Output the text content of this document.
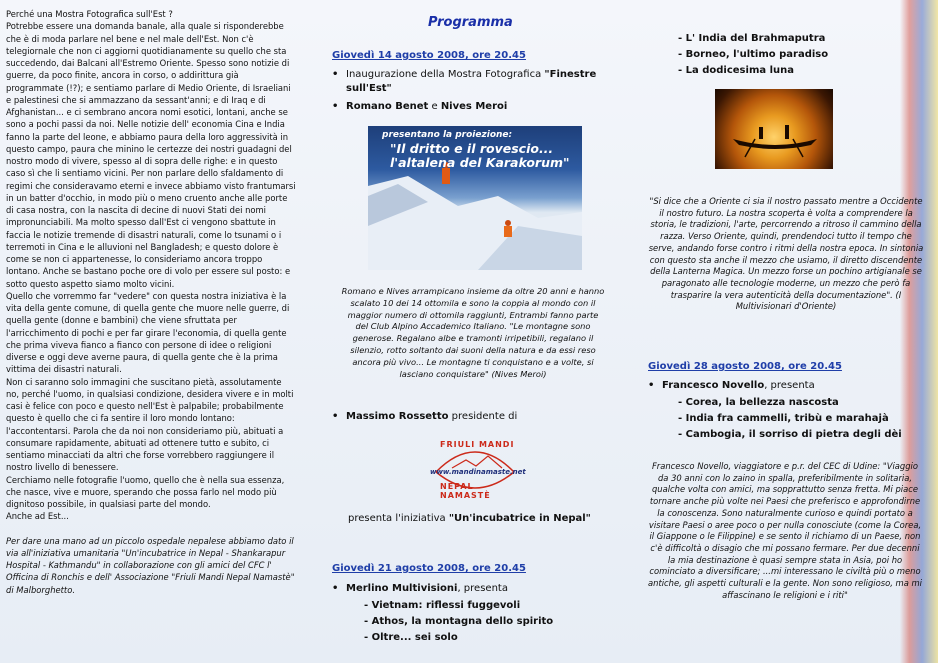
Perché una Mostra Fotografica sull'Est ?

Potrebbe essere una domanda banale, alla quale si risponderebbe che è di moda parlare nel bene e nel male dell'Est. Non c'è telegiornale che non ci aggiorni quotidianamente su quello che sta succedendo, dai Balcani all'Estremo Oriente. Spesso sono notizie di guerre, da poco finite, ancora in corso, o addirittura già programmate (!?); e sentiamo parlare di Medio Oriente, di Israeliani e palestinesi che si ammazzano da sessant'anni; e di Iraq e di Afghanistan... e ci sembrano ancora nomi esotici, lontani, anche se sono a pochi passi da noi. Nelle notizie dell' economia Cina e India fanno la parte del leone, e abbiamo paura della loro aggressività in questo campo, paura che minino le certezze dei nostri guadagni del nostro modo di vivere, spesso al di sopra delle righe: e in questo caso sì che li sentiamo vicini. Per non parlare dello sfaldamento di regimi che consideravamo eterni e invece abbiamo visto frantumarsi in un batter d'occhio, in modo più o meno cruento anche alle porte di casa nostra, con la nascita di decine di nuovi Stati dei nomi impronunciabili. Ma molto spesso dall'Est ci vengono sbattute in faccia le notizie tremende di disastri naturali, come lo tsunami o i terremoti in Cina e le alluvioni nel Bangladesh; e questo dolore è come se non ci appartenesse, lo consideriamo ancora troppo lontano. Anche se bastano poche ore di volo per essere sul posto: e sotto questo aspetto siamo molto vicini.

Quello che vorremmo far "vedere" con questa nostra iniziativa è la vita della gente comune, di quella gente che muore nelle guerre, di quella gente (donne e bambini) che viene sfruttata per l'arricchimento di pochi e per far girare l'economia, di quella gente che prima viveva fianco a fianco con persone di idee o religioni diverse e oggi deve averne paura, di quella gente che è la prima vittima dei disastri naturali.

Non ci saranno solo immagini che suscitano pietà, assolutamente no, perché l'uomo, in qualsiasi condizione, desidera vivere e in molti casi è felice con poco e questo nell'Est è palpabile; probabilmente questo è quello che ci fa sentire il loro mondo lontano: l'accontentarsi. Parola che da noi non consideriamo più, abituati a consumare rapidamente, abituati ad ottenere tutto e subito, ci sentiamo minacciati da altri che forse vorrebbero raggiungere il nostro livello di benessere.

Cerchiamo nelle fotografie l'uomo, quello che è nella sua essenza, che nasce, vive e muore, sperando che possa farlo nel modo più dignitoso possibile, in qualsiasi parte del mondo.

Anche ad Est...

Per dare una mano ad un piccolo ospedale nepalese abbiamo dato il via all'iniziativa umanitaria "Un'incubatrice in Nepal - Shankarapur Hospital - Kathmandu" in collaborazione con gli amici del CFC l' Officina di Ronchis e dell' Associazione "Friuli Mandi Nepal Namastè" di Malborghetto.

Programma
Giovedì 14 agosto 2008, ore 20.45
• Inaugurazione della Mostra Fotografica "Finestre sull'Est"
• Romano Benet e Nives Meroi
presentano la proiezione:
"Il dritto e il rovescio... l'altalena del Karakorum"
Romano e Nives arrampicano insieme da oltre 20 anni e hanno scalato 10 dei 14 ottomila e sono la coppia al mondo con il maggior numero di ottomila raggiunti, Entrambi fanno parte del Club Alpino Accademico Italiano. "Le montagne sono generose. Regalano albe e tramonti irripetibili, regalano il silenzio, rotto soltanto dai suoni della natura e da essi reso ancora più vivo... Le montagne ti conquistano e a volte, si lasciano conquistare" (Nives Meroi)
• Massimo Rossetto presidente di
FRIULI MANDI
www.mandinamaste.net
NEPAL NAMASTÈ
presenta l'iniziativa "Un'incubatrice in Nepal"
Giovedì 21 agosto 2008, ore 20.45
• Merlino Multivisioni, presenta
- Vietnam: riflessi fuggevoli
- Athos, la montagna dello spirito
- Oltre... sei solo
- L' India del Brahmaputra
- Borneo, l'ultimo paradiso
- La dodicesima luna
"Si dice che a Oriente ci sia il nostro passato mentre a Occidente il nostro futuro. La nostra scoperta è volta a comprendere la storia, le tradizioni, l'arte, percorrendo a ritroso il cammino della razza. Verso Oriente, quindi, prendendoci tutto il tempo che serve, andando forse contro i ritmi della nostra epoca. In sintonia con questo sta anche il mezzo che usiamo, il diretto discendente della Lanterna Magica. Un mezzo forse un pochino artigianale se paragonato alle tecnologie moderne, un mezzo che però fa trasparire la vera autenticità della documentazione". (I Multivisionari d'Oriente)
Giovedì 28 agosto 2008, ore 20.45
• Francesco Novello, presenta
- Corea, la bellezza nascosta
- India fra cammelli, tribù e marahajà
- Cambogia, il sorriso di pietra degli dèi
Francesco Novello, viaggiatore e p.r. del CEC di Udine: "Viaggio da 30 anni con lo zaino in spalla, preferibilmente in solitaria, qualche volta con amici, ma sopprattutto senza fretta. Mi piace tornare anche più volte nei Paesi che preferisco e approfondirne la conoscenza. Sono naturalmente curioso e quindi portato a visitare Paesi o aree poco o per nulla conosciute (come la Corea, il Giappone o le Filippine) e se sento il richiamo di un Paese, non c'è difficoltà o disagio che mi possano fermare. Per due decenni la mia destinazione è quasi sempre stata in Asia, poi ho cominciato a diversificare; ...mi interessano le civiltà più o meno antiche, gli aspetti culturali e la gente. Non sono religioso, ma mi affascinano le religioni e i riti"
